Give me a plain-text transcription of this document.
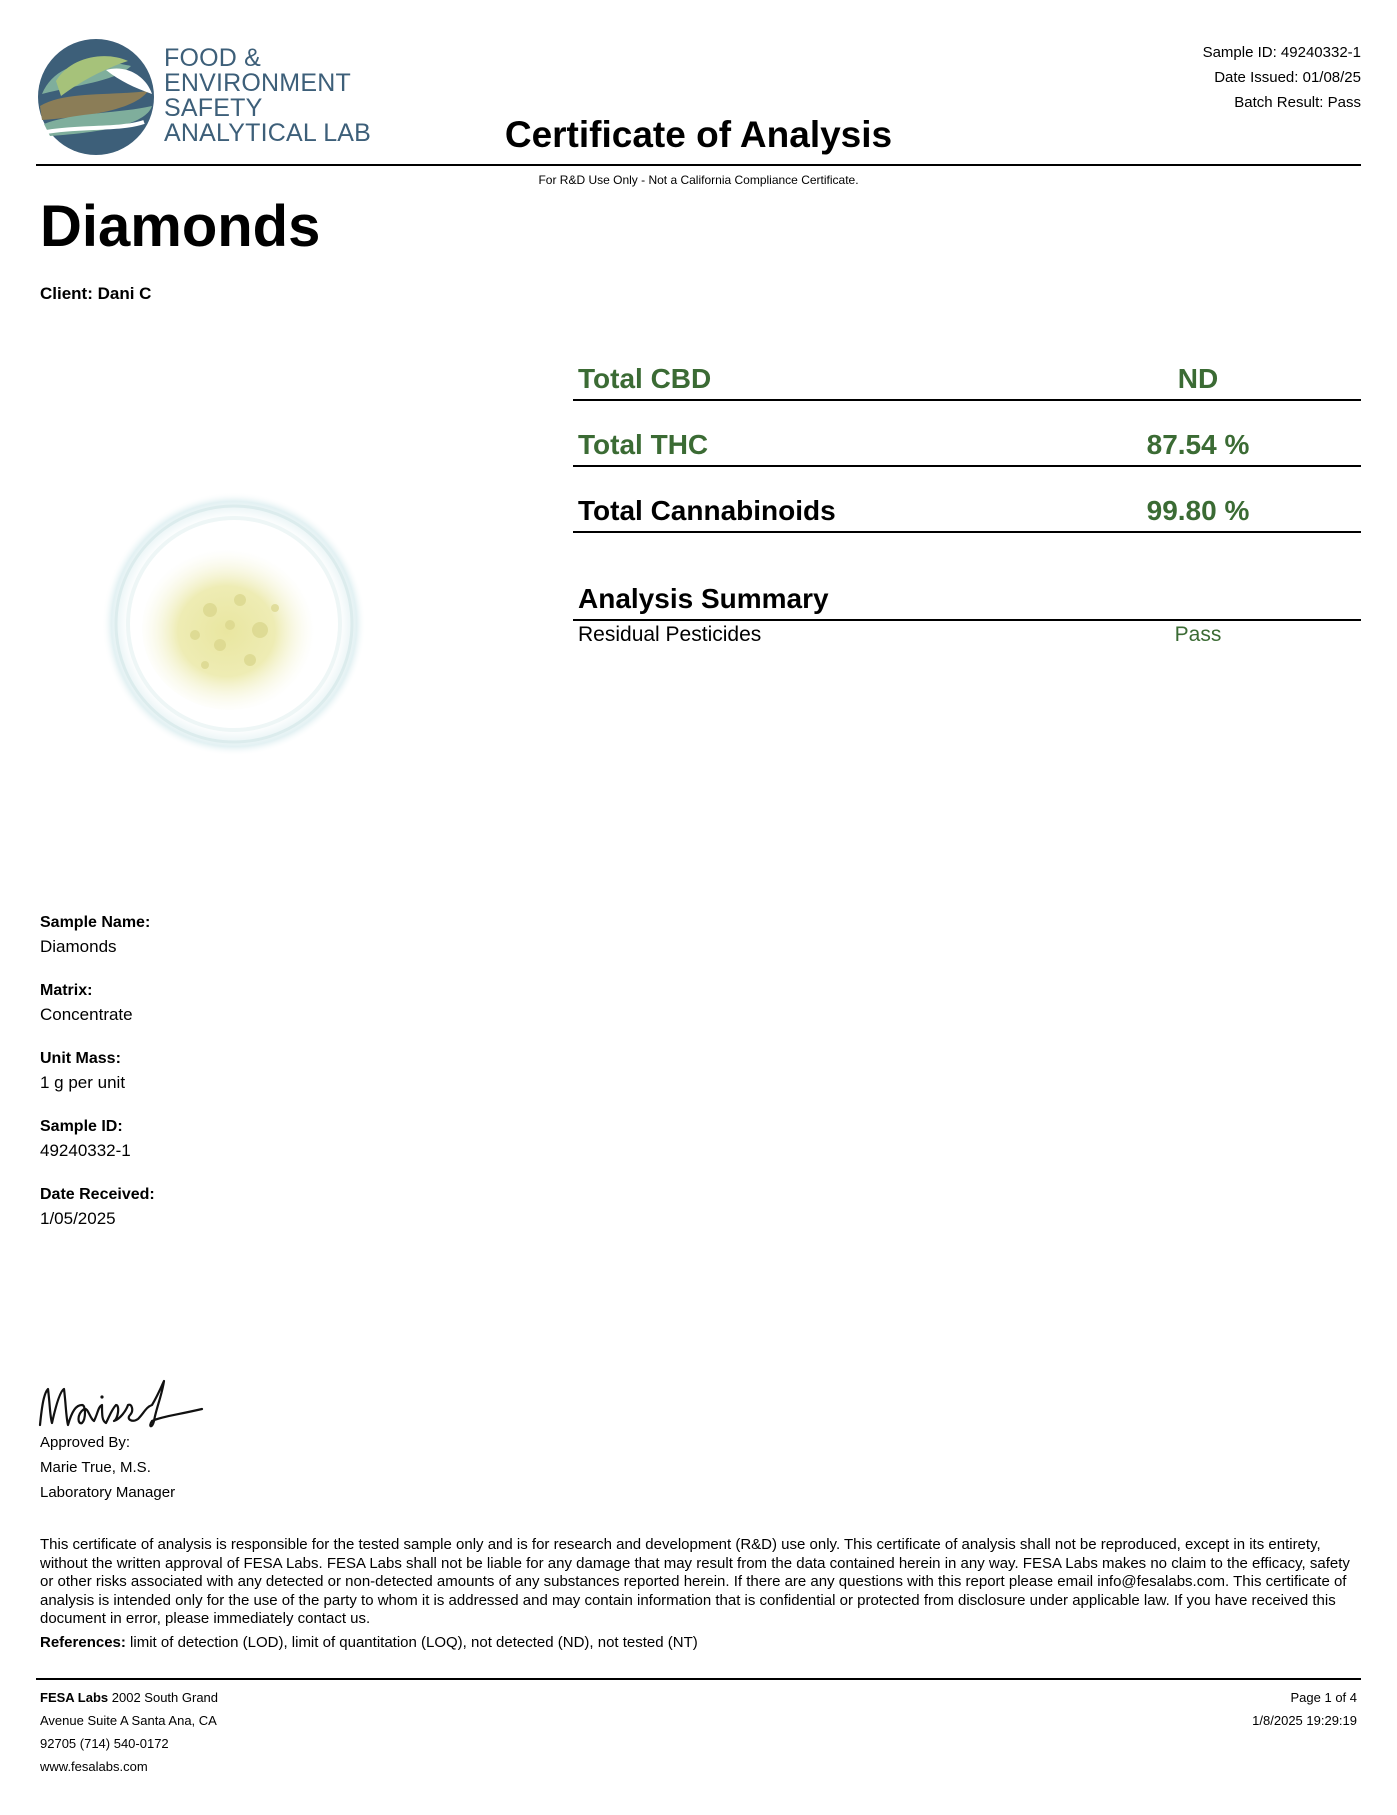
FOOD &
ENVIRONMENT
SAFETY
ANALYTICAL LAB
Sample ID: 49240332-1
Date Issued: 01/08/25
Batch Result: Pass
Certificate of Analysis
For R&D Use Only - Not a California Compliance Certificate.
Diamonds
Client: Dani C
Total CBD	ND
Total THC	87.54 %
Total Cannabinoids	99.80 %
Analysis Summary
Residual Pesticides	Pass
Sample Name:
Diamonds
Matrix:
Concentrate
Unit Mass:
1 g per unit
Sample ID:
49240332-1
Date Received:
1/05/2025
Approved By:
Marie True, M.S.
Laboratory Manager
This certificate of analysis is responsible for the tested sample only and is for research and development (R&D) use only. This certificate of analysis shall not be reproduced, except in its entirety, without the written approval of FESA Labs. FESA Labs shall not be liable for any damage that may result from the data contained herein in any way. FESA Labs makes no claim to the efficacy, safety or other risks associated with any detected or non-detected amounts of any substances reported herein. If there are any questions with this report please email info@fesalabs.com. This certificate of analysis is intended only for the use of the party to whom it is addressed and may contain information that is confidential or protected from disclosure under applicable law. If you have received this document in error, please immediately contact us.
References: limit of detection (LOD), limit of quantitation (LOQ), not detected (ND), not tested (NT)
FESA Labs 2002 South Grand
Avenue Suite A Santa Ana, CA
92705 (714) 540-0172
www.fesalabs.com
Page 1 of 4
1/8/2025 19:29:19
